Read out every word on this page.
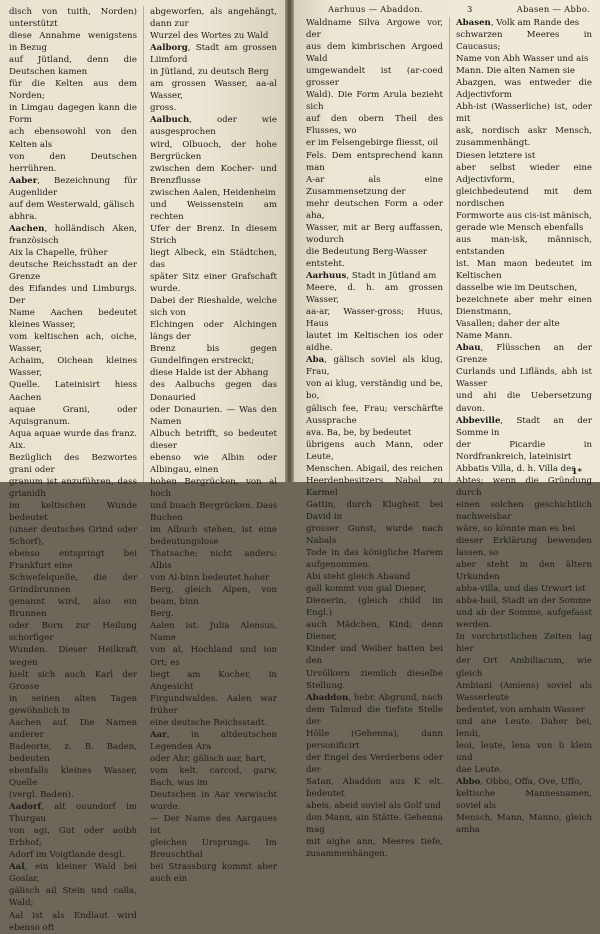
disch von tuith, Norden) unterstützt

diese Annahme wenigstens in Bezug

auf Jütland, denn die Deutschen kamen

für die Kelten aus dem Norden;

in Limgau dagegen kann die Form

ach ebensowohl von den Kelten als

von den Deutschen herrühren.

Aaber, Bezeichnung für Augenlider

auf dem Westerwald, gälisch

abhra.

Aachen, holländisch Aken, französisch

Aix la Chapelle, früher

deutsche Reichsstadt an der Grenze

des Eifandes und Limburgs. Der

Name Aachen bedeutet kleines Wasser,

vom keltischen ach, oiche, Wasser,

Achaim, Oichean kleines Wasser,

Quelle. Lateinisirt hiess Aachen

aquae Grani, oder Aquisgranum.

Aqua aquae wurde das franz. Aix.

Bezüglich des Bezwortes grani oder

granum ist anzuführen, dass grianidh

im keltischen Wunde bedeutet

(unser deutsches Grind oder Schorf),

ebenso entspringt bei Frankfurt eine

Schwefelquelle, die der Grindbrunnen

genannt wird, also ein Brunnen

oder Born zur Heilung schorfiger

Wunden. Dieser Heilkraft wegen

hielt sich auch Karl der Grosse

in seinen alten Tagen gewöhnlich in

Aachen auf. Die Namen anderer

Badeorte, z. B. Baden, bedeuten

ebenfalls kleines Wasser, Quelle

(vergl. Baden).

Aadorf, alt ouundorf im Thurgau

von agi, Gut oder aoibh Erbhof;

Adorf im Voigtlande desgl.

Aal, ein kleiner Wald bei Goslar,

gälisch ail Stein und calla, Wald;

Aal ist als Endlaut wird ebenso oft

abgeworfen, als angehängt, dann zur

Wurzel des Wortes zu Wald

Aalborg, Stadt am grossen Liimford

in Jütland, zu deutsch Berg

am grossen Wasser, aa-al Wasser,

gross.

Aalbuch, oder wie ausgesprochen

wird, Olbuoch, der hohe Bergrücken

zwischen dem Kocher- und Brenzflusse

zwischen Aalen, Heidenheim

und Weissenstein am rechten

Ufer der Brenz. In diesem Strich

liegt Albeck, ein Städtchen, das

später Sitz einer Grafschaft wurde.

Dabei der Rieshalde, welche sich von

Elchingen oder Alchingen längs der

Brenz bis gegen Gundelfingen erstreckt;

diese Halde ist der Abhang

des Aalbuchs gegen das Donauried

oder Donaurien. — Was den Namen

Albuch betrifft, so bedeutet dieser

ebenso wie Albin oder Albingau, einen

hohen Bergrücken, von al hoch

und buach Bergrücken. Dass Buchen

im Albuch stehen, ist eine bedeutungslose

Thatsache; nicht anders: Albis

von Al-binn bedeutet hoher

Berg, gleich Alpen, von beam, binn

Berg.

Aalen ist. Julia Alensus, Name

von al, Hochland und ion Ort; es

liegt am Kocher, in Angesicht

Firgundwaldes. Aalen war früher

eine deutsche Reichsstadt.

Aar, in altdeutschen Legenden Ara

oder Ahr, gälisch aar, hart,

vom kelt. carcod, garw, Bach, was im

Deutschen in Aar verwischt wurde.

— Der Name des Aargaues ist

gleichen Ursprungs. Im Breuschthal

bei Strassburg kommt aber auch ein

Aarhuus — Abaddon.	3	Abasen — Abbo.

Waldname Silva Argowe vor, der

aus dem kimbrischen Argoed Wald

umgewandelt ist (ar-coed grosser

Wald). Die Form Arula bezieht sich

auf den obern Theil des Flusses, wo

er im Felsengebirge fliesst, oil

Fels. Dem entsprechend kann man

A-ar als eine Zusammensetzung der

mehr deutschen Form a oder aha,

Wasser, mit ar Berg auffassen, wodurch

die Bedeutung Berg-Wasser

entsteht.

Aarhuus, Stadt in Jütland am

Meere, d. h. am grossen Wasser,

aa-ar, Wasser-gross; Huus, Haus

lautet im Keltischen ios oder aidhe.

Aba, gälisch soviel als klug, Frau,

von ai klug, verständig und be, bo,

gälisch fee, Frau; verschärfte Aussprache

ava. Ba, be, by bedeutet

übrigens auch Mann, oder Leute,

Menschen. Abigail, des reichen

Heerdenbesitzers Nabal zu Karmel

Gattin, durch Klugheit bei David in

grosser Gunst, wurde nach Nabals

Tode in das königliche Harem aufgenommen.

Abi steht gleich Abaund

gall kommt von gial Diener,

Dienerin, (gleich child im Engl.)

auch Mädchen, Kind; denn Diener,

Kinder und Weiber hatten bei den

Urvölkern ziemlich dieselbe Stellung.

Abaddon, hebr. Abgrund, nach

dem Talmud die tiefste Stelle der

Hölle (Gehenna), dann personificirt

der Engel des Verderbens oder der

Satan, Abaddon aus K elt. bedeutet

abeis, abeid soviel als Golf und

don Mann, ain Stätte. Gehenna mag

mit aighe ann, Meeres tiefe, zusammenhängen.

Abasen, Volk am Rande des

schwarzen Meeres in Caucasus;

Name von Abh Wasser und ais

Mann. Die alten Namen sie

Abazgen, was entweder die Adjectivform

Abh-ist (Wasserliche) ist, oder mit

ask, nordisch askr Mensch, zusammenhängt.

Diesen letztere ist

aber selbst wieder eine Adjectivform,

gleichbedeutend mit dem nordischen

Formworte aus cis-ist mänisch,

gerade wie Mensch ebenfalls

aus man-isk, männisch, entstanden

ist. Man maon bedeutet im Keltischen

dasselbe wie im Deutschen,

bezeichnete aber mehr einen Dienstmann,

Vasallen; daher der alte

Name Mann.

Abau, Flüsschen an der Grenze

Curlands und Lifländs, abh ist Wasser

und ahi die Uebersetzung davon.

Abbeville, Stadt an der Somme in

der Picardie in Nordfrankreich, lateinisirt

Abbatis Villa, d. h. Villa des

Abtes; wenn die Gründung durch

einen solchen geschichtlich nachweisbar

wäre, so könnte man es bei

dieser Erklärung bewenden lassen, so

aber steht in den ältern Urkunden

abba-villa, und das Urwort ist

abba-bail, Stadt an der Somme

und ab der Somme, aufgefasst werden.

In vorchristlichen Zeiten lag hier

der Ort Ambiliacum, wie gleich

Ambiani (Amiens) soviel als Wasserleute

bedeutet, von amhain Wasser

und ane Leute. Daher bei, lendi,

leoi, leute, lena von li klein und

dae Leute.

Abbo, Obbo, Offa, Ove, Uffo,

keltische Mannesnamen, soviel als

Mensch, Mann, Manno, gleich amha

1*
